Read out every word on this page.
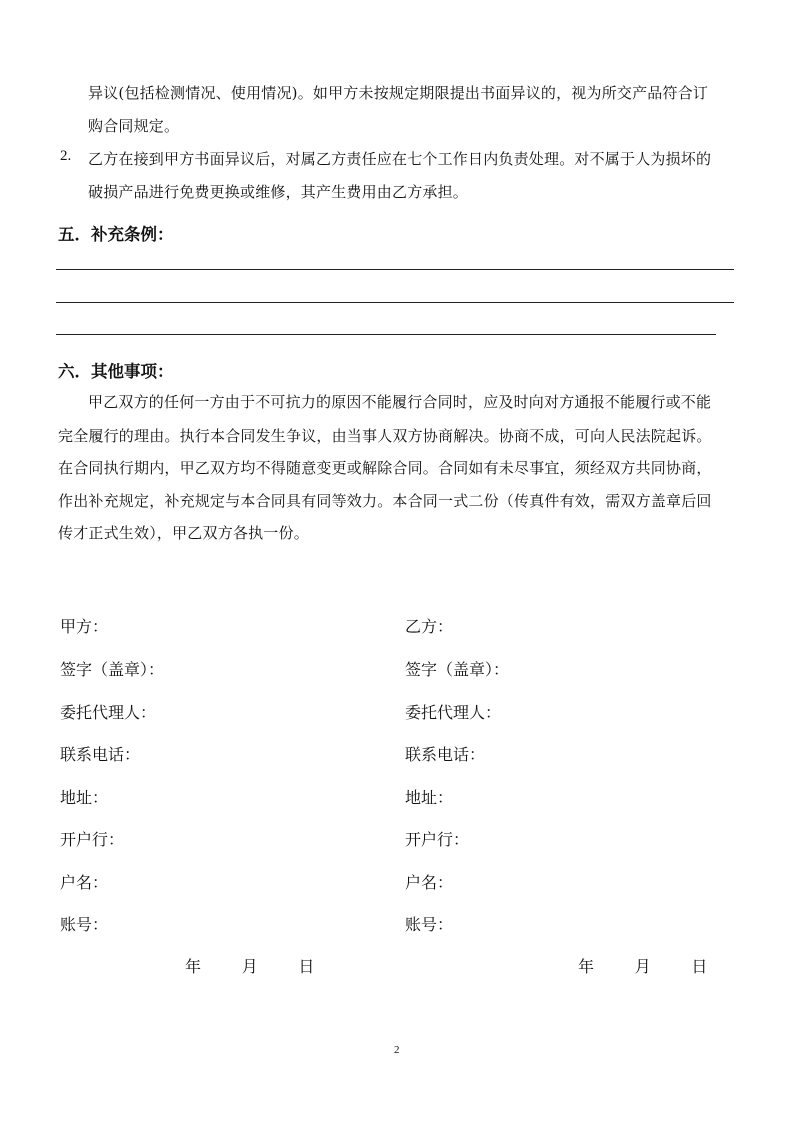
异议(包括检测情况、使用情况)。如甲方未按规定期限提出书面异议的，视为所交产品符合订
购合同规定。
2. 乙方在接到甲方书面异议后，对属乙方责任应在七个工作日内负责处理。对不属于人为损坏的
破损产品进行免费更换或维修，其产生费用由乙方承担。
五．补充条例：
六．其他事项：
甲乙双方的任何一方由于不可抗力的原因不能履行合同时，应及时向对方通报不能履行或不能
完全履行的理由。执行本合同发生争议，由当事人双方协商解决。协商不成，可向人民法院起诉。
在合同执行期内，甲乙双方均不得随意变更或解除合同。合同如有未尽事宜，须经双方共同协商，
作出补充规定，补充规定与本合同具有同等效力。本合同一式二份（传真件有效，需双方盖章后回
传才正式生效），甲乙双方各执一份。
甲方：
签字（盖章）：
委托代理人：
联系电话：
地址：
开户行：
户名：
账号：
乙方：
签字（盖章）：
委托代理人：
联系电话：
地址：
开户行：
户名：
账号：
年        月        日	年        月        日
2
